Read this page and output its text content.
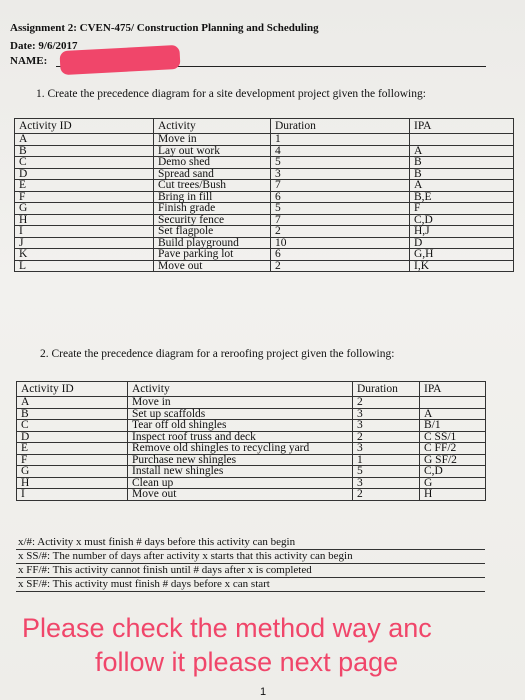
Assignment 2: CVEN-475/ Construction Planning and Scheduling
Date: 9/6/2017
NAME:
1. Create the precedence diagram for a site development project given the following:
Activity ID	Activity	Duration	IPA
A	Move in	1	
B	Lay out work	4	A
C	Demo shed	5	B
D	Spread sand	3	B
E	Cut trees/Bush	7	A
F	Bring in fill	6	B,E
G	Finish grade	5	F
H	Security fence	7	C,D
I	Set flagpole	2	H,J
J	Build playground	10	D
K	Pave parking lot	6	G,H
L	Move out	2	I,K
2. Create the precedence diagram for a reroofing project given the following:
Activity ID	Activity	Duration	IPA
A	Move in	2	
B	Set up scaffolds	3	A
C	Tear off old shingles	3	B/1
D	Inspect roof truss and deck	2	C SS/1
E	Remove old shingles to recycling yard	3	C FF/2
F	Purchase new shingles	1	G SF/2
G	Install new shingles	5	C,D
H	Clean up	3	G
I	Move out	2	H
x/#: Activity x must finish # days before this activity can begin
x SS/#: The number of days after activity x starts that this activity can begin
x FF/#: This activity cannot finish until # days after x is completed
x SF/#: This activity must finish # days before x can start
Please check the method way anc
follow it please next page
1
